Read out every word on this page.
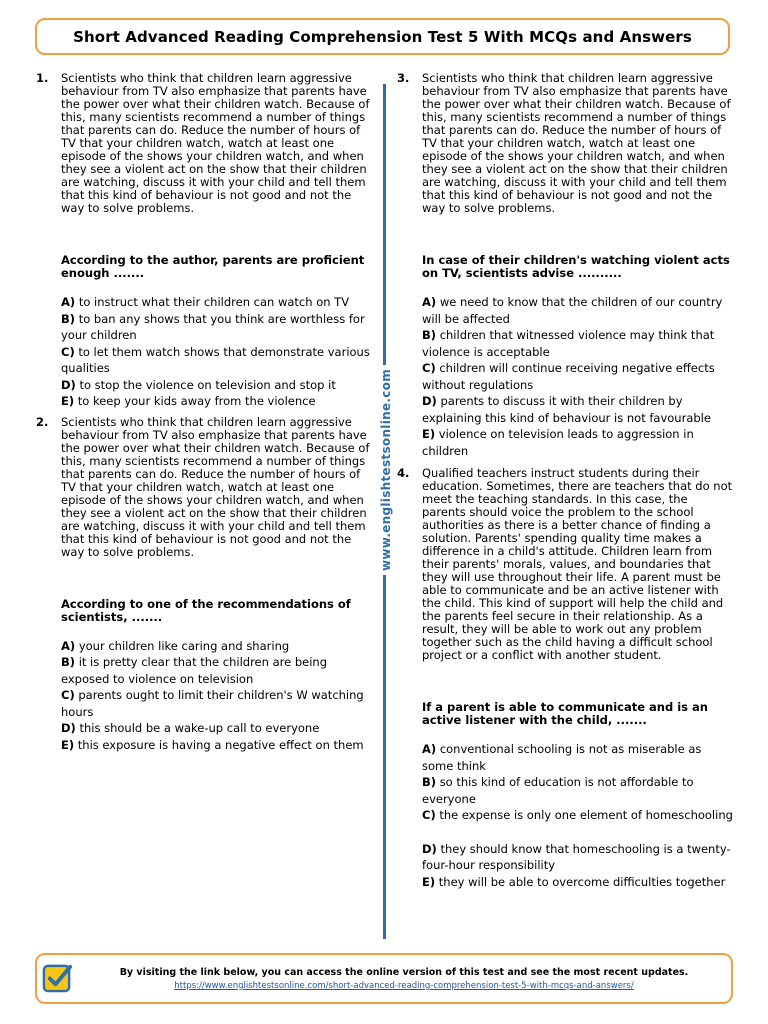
Short Advanced Reading Comprehension Test 5 With MCQs and Answers
www.englishtestsonline.com
1. Scientists who think that children learn aggressive behaviour from TV also emphasize that parents have the power over what their children watch. Because of this, many scientists recommend a number of things that parents can do. Reduce the number of hours of TV that your children watch, watch at least one episode of the shows your children watch, and when they see a violent act on the show that their children are watching, discuss it with your child and tell them that this kind of behaviour is not good and not the way to solve problems.

According to the author, parents are proficient enough .......

A) to instruct what their children can watch on TV
B) to ban any shows that you think are worthless for your children
C) to let them watch shows that demonstrate various qualities
D) to stop the violence on television and stop it
E) to keep your kids away from the violence
2. Scientists who think that children learn aggressive behaviour from TV also emphasize that parents have the power over what their children watch. Because of this, many scientists recommend a number of things that parents can do. Reduce the number of hours of TV that your children watch, watch at least one episode of the shows your children watch, and when they see a violent act on the show that their children are watching, discuss it with your child and tell them that this kind of behaviour is not good and not the way to solve problems.

According to one of the recommendations of scientists, .......

A) your children like caring and sharing
B) it is pretty clear that the children are being exposed to violence on television
C) parents ought to limit their children's W watching hours
D) this should be a wake-up call to everyone
E) this exposure is having a negative effect on them
3. Scientists who think that children learn aggressive behaviour from TV also emphasize that parents have the power over what their children watch. Because of this, many scientists recommend a number of things that parents can do. Reduce the number of hours of TV that your children watch, watch at least one episode of the shows your children watch, and when they see a violent act on the show that their children are watching, discuss it with your child and tell them that this kind of behaviour is not good and not the way to solve problems.

In case of their children's watching violent acts on TV, scientists advise ..........

A) we need to know that the children of our country will be affected
B) children that witnessed violence may think that violence is acceptable
C) children will continue receiving negative effects without regulations
D) parents to discuss it with their children by explaining this kind of behaviour is not favourable
E) violence on television leads to aggression in children
4. Qualified teachers instruct students during their education. Sometimes, there are teachers that do not meet the teaching standards. In this case, the parents should voice the problem to the school authorities as there is a better chance of finding a solution. Parents' spending quality time makes a difference in a child's attitude. Children learn from their parents' morals, values, and boundaries that they will use throughout their life. A parent must be able to communicate and be an active listener with the child. This kind of support will help the child and the parents feel secure in their relationship. As a result, they will be able to work out any problem together such as the child having a difficult school project or a conflict with another student.

If a parent is able to communicate and is an active listener with the child, .......

A) conventional schooling is not as miserable as some think
B) so this kind of education is not affordable to everyone
C) the expense is only one element of homeschooling
D) they should know that homeschooling is a twenty-four-hour responsibility
E) they will be able to overcome difficulties together
By visiting the link below, you can access the online version of this test and see the most recent updates.
https://www.englishtestsonline.com/short-advanced-reading-comprehension-test-5-with-mcqs-and-answers/
